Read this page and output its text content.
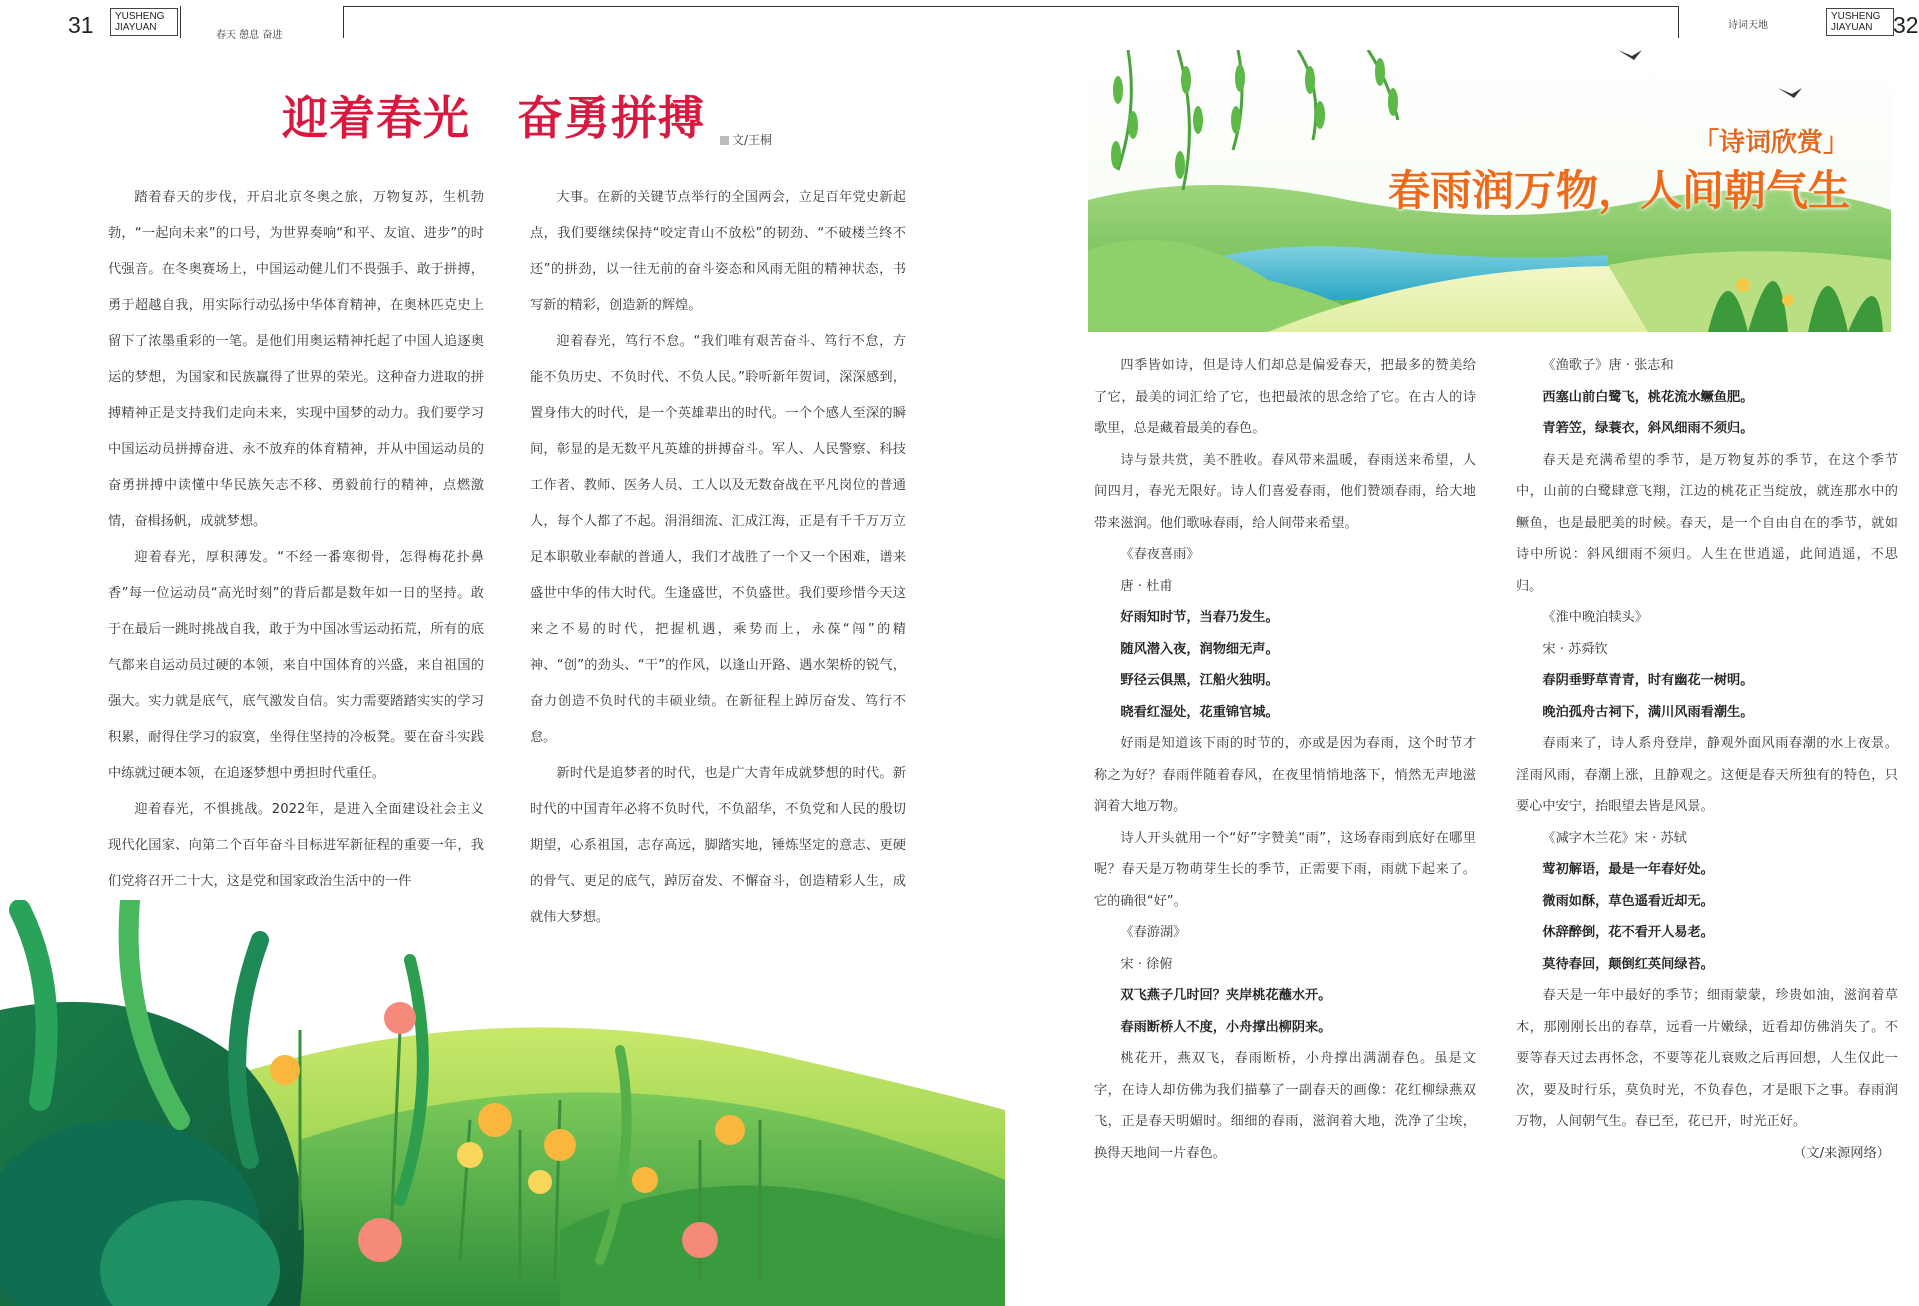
31 YUSHENG
JIAYUAN
春天 憩息 奋进
诗词天地
YUSHENG
JIAYUAN 32
迎着春光　奋勇拼搏	文/王桐

踏着春天的步伐，开启北京冬奥之旅，万物复苏，生机勃勃，“一起向未来”的口号，为世界奏响“和平、友谊、进步”的时代强音。在冬奥赛场上，中国运动健儿们不畏强手、敢于拼搏，勇于超越自我，用实际行动弘扬中华体育精神，在奥林匹克史上留下了浓墨重彩的一笔。是他们用奥运精神托起了中国人追逐奥运的梦想，为国家和民族赢得了世界的荣光。这种奋力进取的拼搏精神正是支持我们走向未来，实现中国梦的动力。我们要学习中国运动员拼搏奋进、永不放弃的体育精神，并从中国运动员的奋勇拼搏中读懂中华民族矢志不移、勇毅前行的精神，点燃激情，奋楫扬帆，成就梦想。

迎着春光，厚积薄发。“不经一番寒彻骨，怎得梅花扑鼻香”每一位运动员“高光时刻”的背后都是数年如一日的坚持。敢于在最后一跳时挑战自我，敢于为中国冰雪运动拓荒，所有的底气都来自运动员过硬的本领，来自中国体育的兴盛，来自祖国的强大。实力就是底气，底气激发自信。实力需要踏踏实实的学习积累，耐得住学习的寂寞，坐得住坚持的冷板凳。要在奋斗实践中练就过硬本领，在追逐梦想中勇担时代重任。

迎着春光，不惧挑战。2022年，是进入全面建设社会主义现代化国家、向第二个百年奋斗目标进军新征程的重要一年，我们党将召开二十大，这是党和国家政治生活中的一件

大事。在新的关键节点举行的全国两会，立足百年党史新起点，我们要继续保持“咬定青山不放松”的韧劲、“不破楼兰终不还”的拼劲，以一往无前的奋斗姿态和风雨无阻的精神状态，书写新的精彩，创造新的辉煌。

迎着春光，笃行不怠。“我们唯有艰苦奋斗、笃行不怠，方能不负历史、不负时代、不负人民。”聆听新年贺词，深深感到，置身伟大的时代，是一个英雄辈出的时代。一个个感人至深的瞬间，彰显的是无数平凡英雄的拼搏奋斗。军人、人民警察、科技工作者、教师、医务人员、工人以及无数奋战在平凡岗位的普通人，每个人都了不起。涓涓细流、汇成江海，正是有千千万万立足本职敬业奉献的普通人，我们才战胜了一个又一个困难，谱来盛世中华的伟大时代。生逢盛世，不负盛世。我们要珍惜今天这来之不易的时代，把握机遇，乘势而上，永葆“闯”的精神、“创”的劲头、“干”的作风，以逢山开路、遇水架桥的锐气，奋力创造不负时代的丰硕业绩。在新征程上踔厉奋发、笃行不怠。

新时代是追梦者的时代，也是广大青年成就梦想的时代。新时代的中国青年必将不负时代，不负韶华，不负党和人民的殷切期望，心系祖国，志存高远，脚踏实地，锤炼坚定的意志、更硬的骨气、更足的底气，踔厉奋发、不懈奋斗，创造精彩人生，成就伟大梦想。

「诗词欣赏」
春雨润万物，人间朝气生

四季皆如诗，但是诗人们却总是偏爱春天，把最多的赞美给了它，最美的词汇给了它，也把最浓的思念给了它。在古人的诗歌里，总是藏着最美的春色。

诗与景共赏，美不胜收。春风带来温暖，春雨送来希望，人间四月，春光无限好。诗人们喜爱春雨，他们赞颂春雨，给大地带来滋润。他们歌咏春雨，给人间带来希望。

《春夜喜雨》

唐 · 杜甫

好雨知时节，当春乃发生。

随风潜入夜，润物细无声。

野径云俱黑，江船火独明。

晓看红湿处，花重锦官城。

好雨是知道该下雨的时节的，亦或是因为春雨，这个时节才称之为好？春雨伴随着春风，在夜里悄悄地落下，悄然无声地滋润着大地万物。

诗人开头就用一个“好”字赞美“雨”，这场春雨到底好在哪里呢？春天是万物萌芽生长的季节，正需要下雨，雨就下起来了。它的确很“好”。

《春游湖》

宋 · 徐俯

双飞燕子几时回？夹岸桃花蘸水开。

春雨断桥人不度，小舟撑出柳阴来。

桃花开，燕双飞，春雨断桥，小舟撑出满湖春色。虽是文字，在诗人却仿佛为我们描摹了一副春天的画像：花红柳绿燕双飞，正是春天明媚时。细细的春雨，滋润着大地，洗净了尘埃，换得天地间一片春色。

《渔歌子》唐 · 张志和

西塞山前白鹭飞，桃花流水鳜鱼肥。

青箬笠，绿蓑衣，斜风细雨不须归。

春天是充满希望的季节，是万物复苏的季节，在这个季节中，山前的白鹭肆意飞翔，江边的桃花正当绽放，就连那水中的鳜鱼，也是最肥美的时候。春天，是一个自由自在的季节，就如诗中所说：斜风细雨不须归。人生在世逍遥，此间逍遥，不思归。

《淮中晚泊犊头》

宋 · 苏舜钦

春阴垂野草青青，时有幽花一树明。

晚泊孤舟古祠下，满川风雨看潮生。

春雨来了，诗人系舟登岸，静观外面风雨春潮的水上夜景。淫雨风雨，春潮上涨，且静观之。这便是春天所独有的特色，只要心中安宁，抬眼望去皆是风景。

《减字木兰花》宋 · 苏轼

莺初解语，最是一年春好处。

微雨如酥，草色遥看近却无。

休辞醉倒，花不看开人易老。

莫待春回，颠倒红英间绿苔。

春天是一年中最好的季节；细雨蒙蒙，珍贵如油，滋润着草木，那刚刚长出的春草，远看一片嫩绿，近看却仿佛消失了。不要等春天过去再怀念，不要等花儿衰败之后再回想，人生仅此一次，要及时行乐，莫负时光，不负春色，才是眼下之事。春雨润万物，人间朝气生。春已至，花已开，时光正好。

（文/来源网络）
